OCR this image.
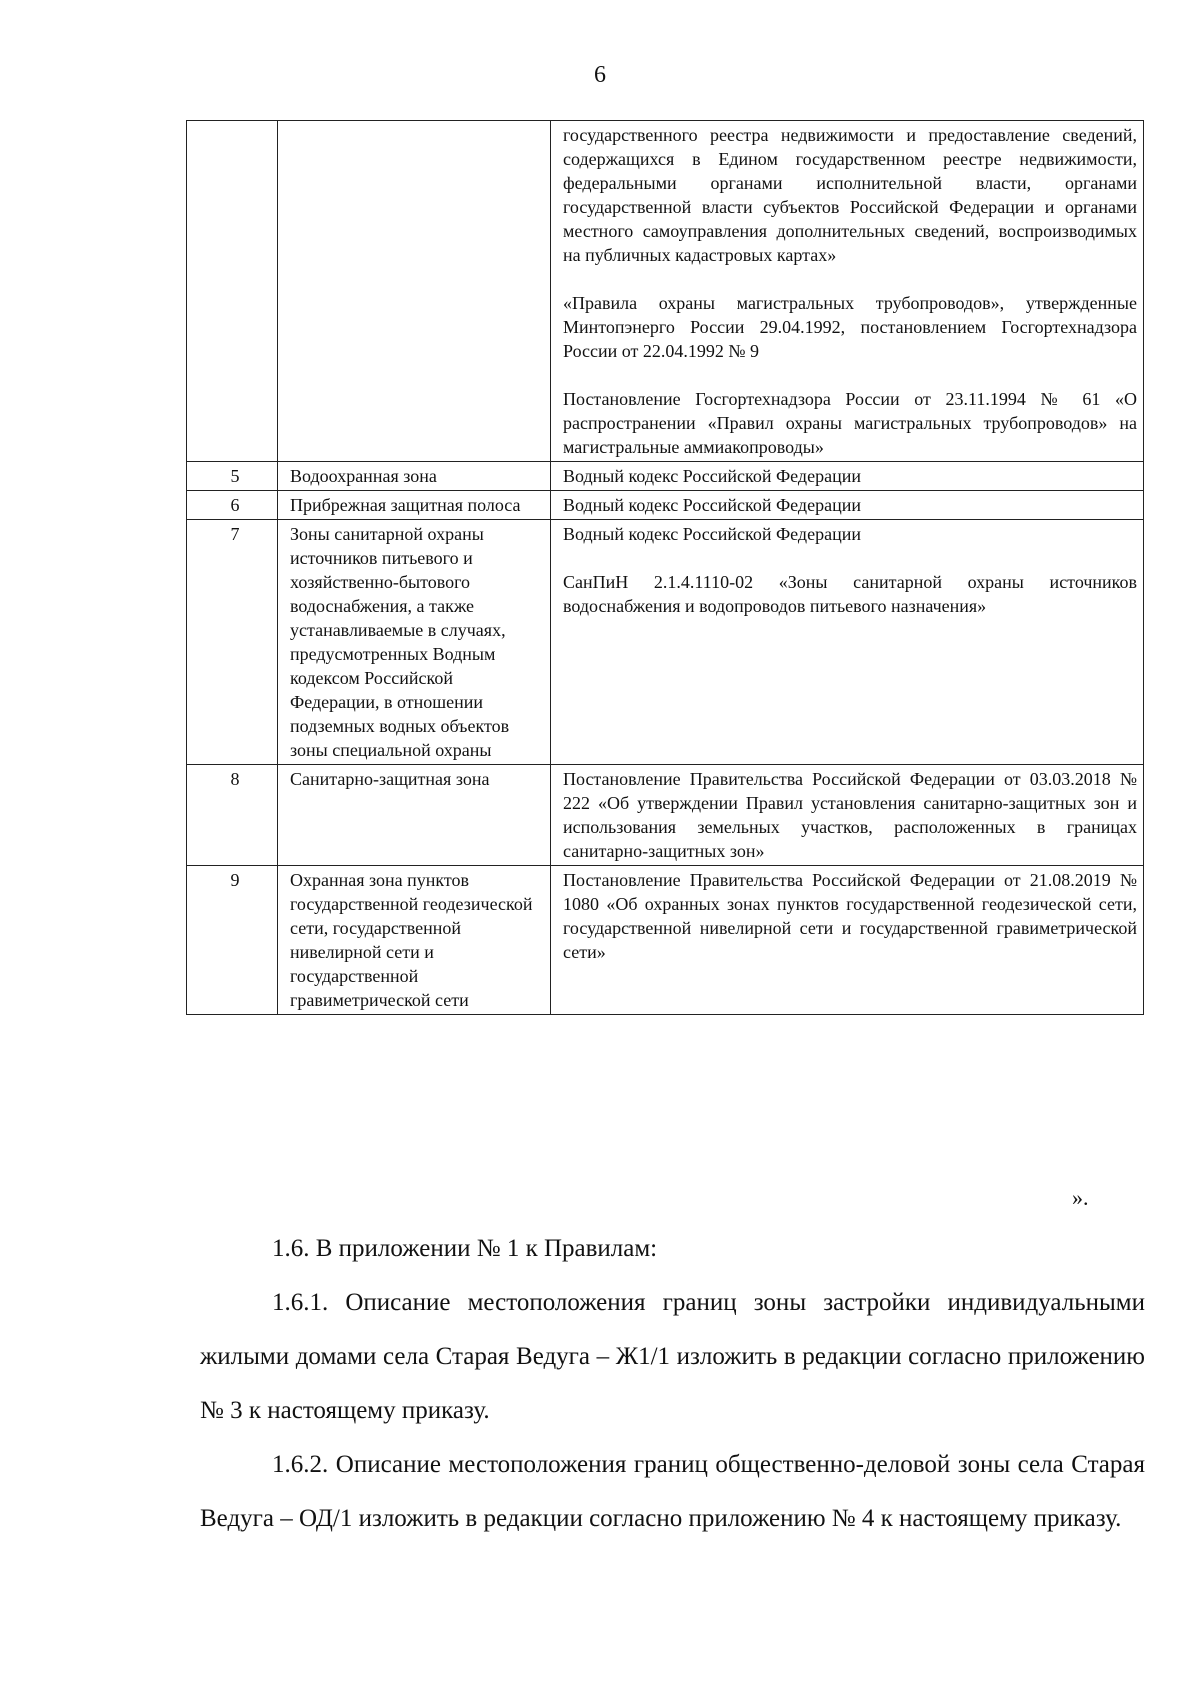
6

		государственного реестра недвижимости и предоставление сведений, содержащихся в Едином государственном реестре недвижимости, федеральными органами исполнительной власти, органами государственной власти субъектов Российской Федерации и органами местного самоуправления дополнительных сведений, воспроизводимых на публичных кадастровых картах»

«Правила охраны магистральных трубопроводов», утвержденные Минтопэнерго России 29.04.1992, постановлением Госгортехнадзора России от 22.04.1992 № 9

Постановление Госгортехнадзора России от 23.11.1994 № 61 «О распространении «Правил охраны магистральных трубопроводов» на магистральные аммиакопроводы»

5	Водоохранная зона	Водный кодекс Российской Федерации

6	Прибрежная защитная полоса	Водный кодекс Российской Федерации

7	Зоны санитарной охраны источников питьевого и хозяйственно-бытового водоснабжения, а также устанавливаемые в случаях, предусмотренных Водным кодексом Российской Федерации, в отношении подземных водных объектов зоны специальной охраны	Водный кодекс Российской Федерации

СанПиН 2.1.4.1110-02 «Зоны санитарной охраны источников водоснабжения и водопроводов питьевого назначения»

8	Санитарно-защитная зона	Постановление Правительства Российской Федерации от 03.03.2018 № 222 «Об утверждении Правил установления санитарно-защитных зон и использования земельных участков, расположенных в границах санитарно-защитных зон»

9	Охранная зона пунктов государственной геодезической сети, государственной нивелирной сети и государственной гравиметрической сети	Постановление Правительства Российской Федерации от 21.08.2019 № 1080 «Об охранных зонах пунктов государственной геодезической сети, государственной нивелирной сети и государственной гравиметрической сети»

».

1.6. В приложении № 1 к Правилам:

1.6.1. Описание местоположения границ зоны застройки индивидуальными жилыми домами села Старая Ведуга – Ж1/1 изложить в редакции согласно приложению № 3 к настоящему приказу.

1.6.2. Описание местоположения границ общественно-деловой зоны села Старая Ведуга – ОД/1 изложить в редакции согласно приложению № 4 к настоящему приказу.
